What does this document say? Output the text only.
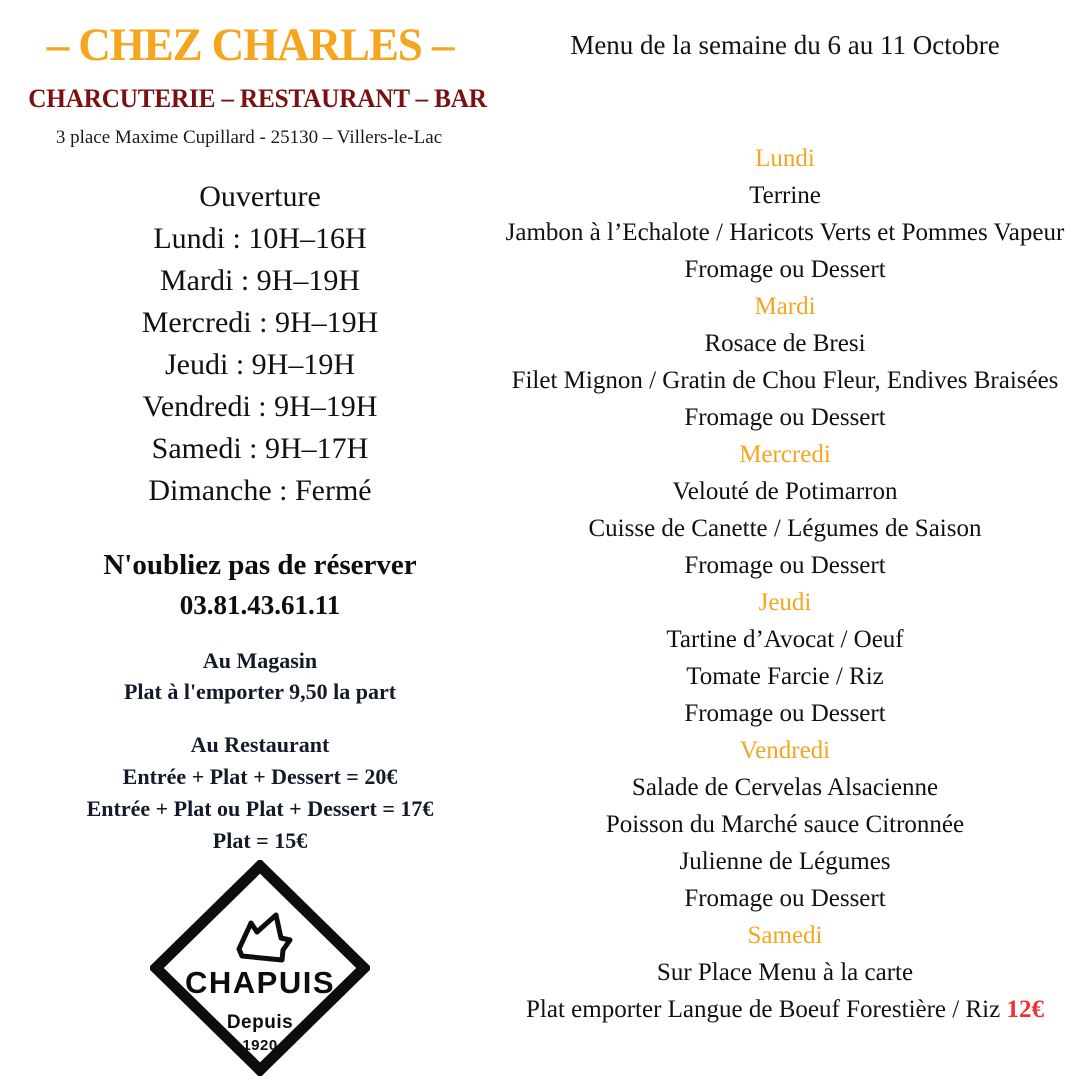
– CHEZ CHARLES –
CHARCUTERIE – RESTAURANT – BAR
3 place Maxime Cupillard - 25130 – Villers-le-Lac
Ouverture
Lundi : 10H–16H
Mardi : 9H–19H
Mercredi : 9H–19H
Jeudi : 9H–19H
Vendredi : 9H–19H
Samedi : 9H–17H
Dimanche : Fermé
N'oubliez pas de réserver
03.81.43.61.11
Au Magasin
Plat à l'emporter 9,50 la part
Au Restaurant
Entrée + Plat + Dessert = 20€
Entrée + Plat ou Plat + Dessert = 17€
Plat = 15€
CHAPUIS
Depuis
1920
Menu de la semaine du 6 au 11 Octobre
Lundi
Terrine
Jambon à l’Echalote / Haricots Verts et Pommes Vapeur
Fromage ou Dessert
Mardi
Rosace de Bresi
Filet Mignon / Gratin de Chou Fleur, Endives Braisées
Fromage ou Dessert
Mercredi
Velouté de Potimarron
Cuisse de Canette / Légumes de Saison
Fromage ou Dessert
Jeudi
Tartine d’Avocat / Oeuf
Tomate Farcie / Riz
Fromage ou Dessert
Vendredi
Salade de Cervelas Alsacienne
Poisson du Marché sauce Citronnée
Julienne de Légumes
Fromage ou Dessert
Samedi
Sur Place Menu à la carte
Plat emporter Langue de Boeuf Forestière / Riz 12€
